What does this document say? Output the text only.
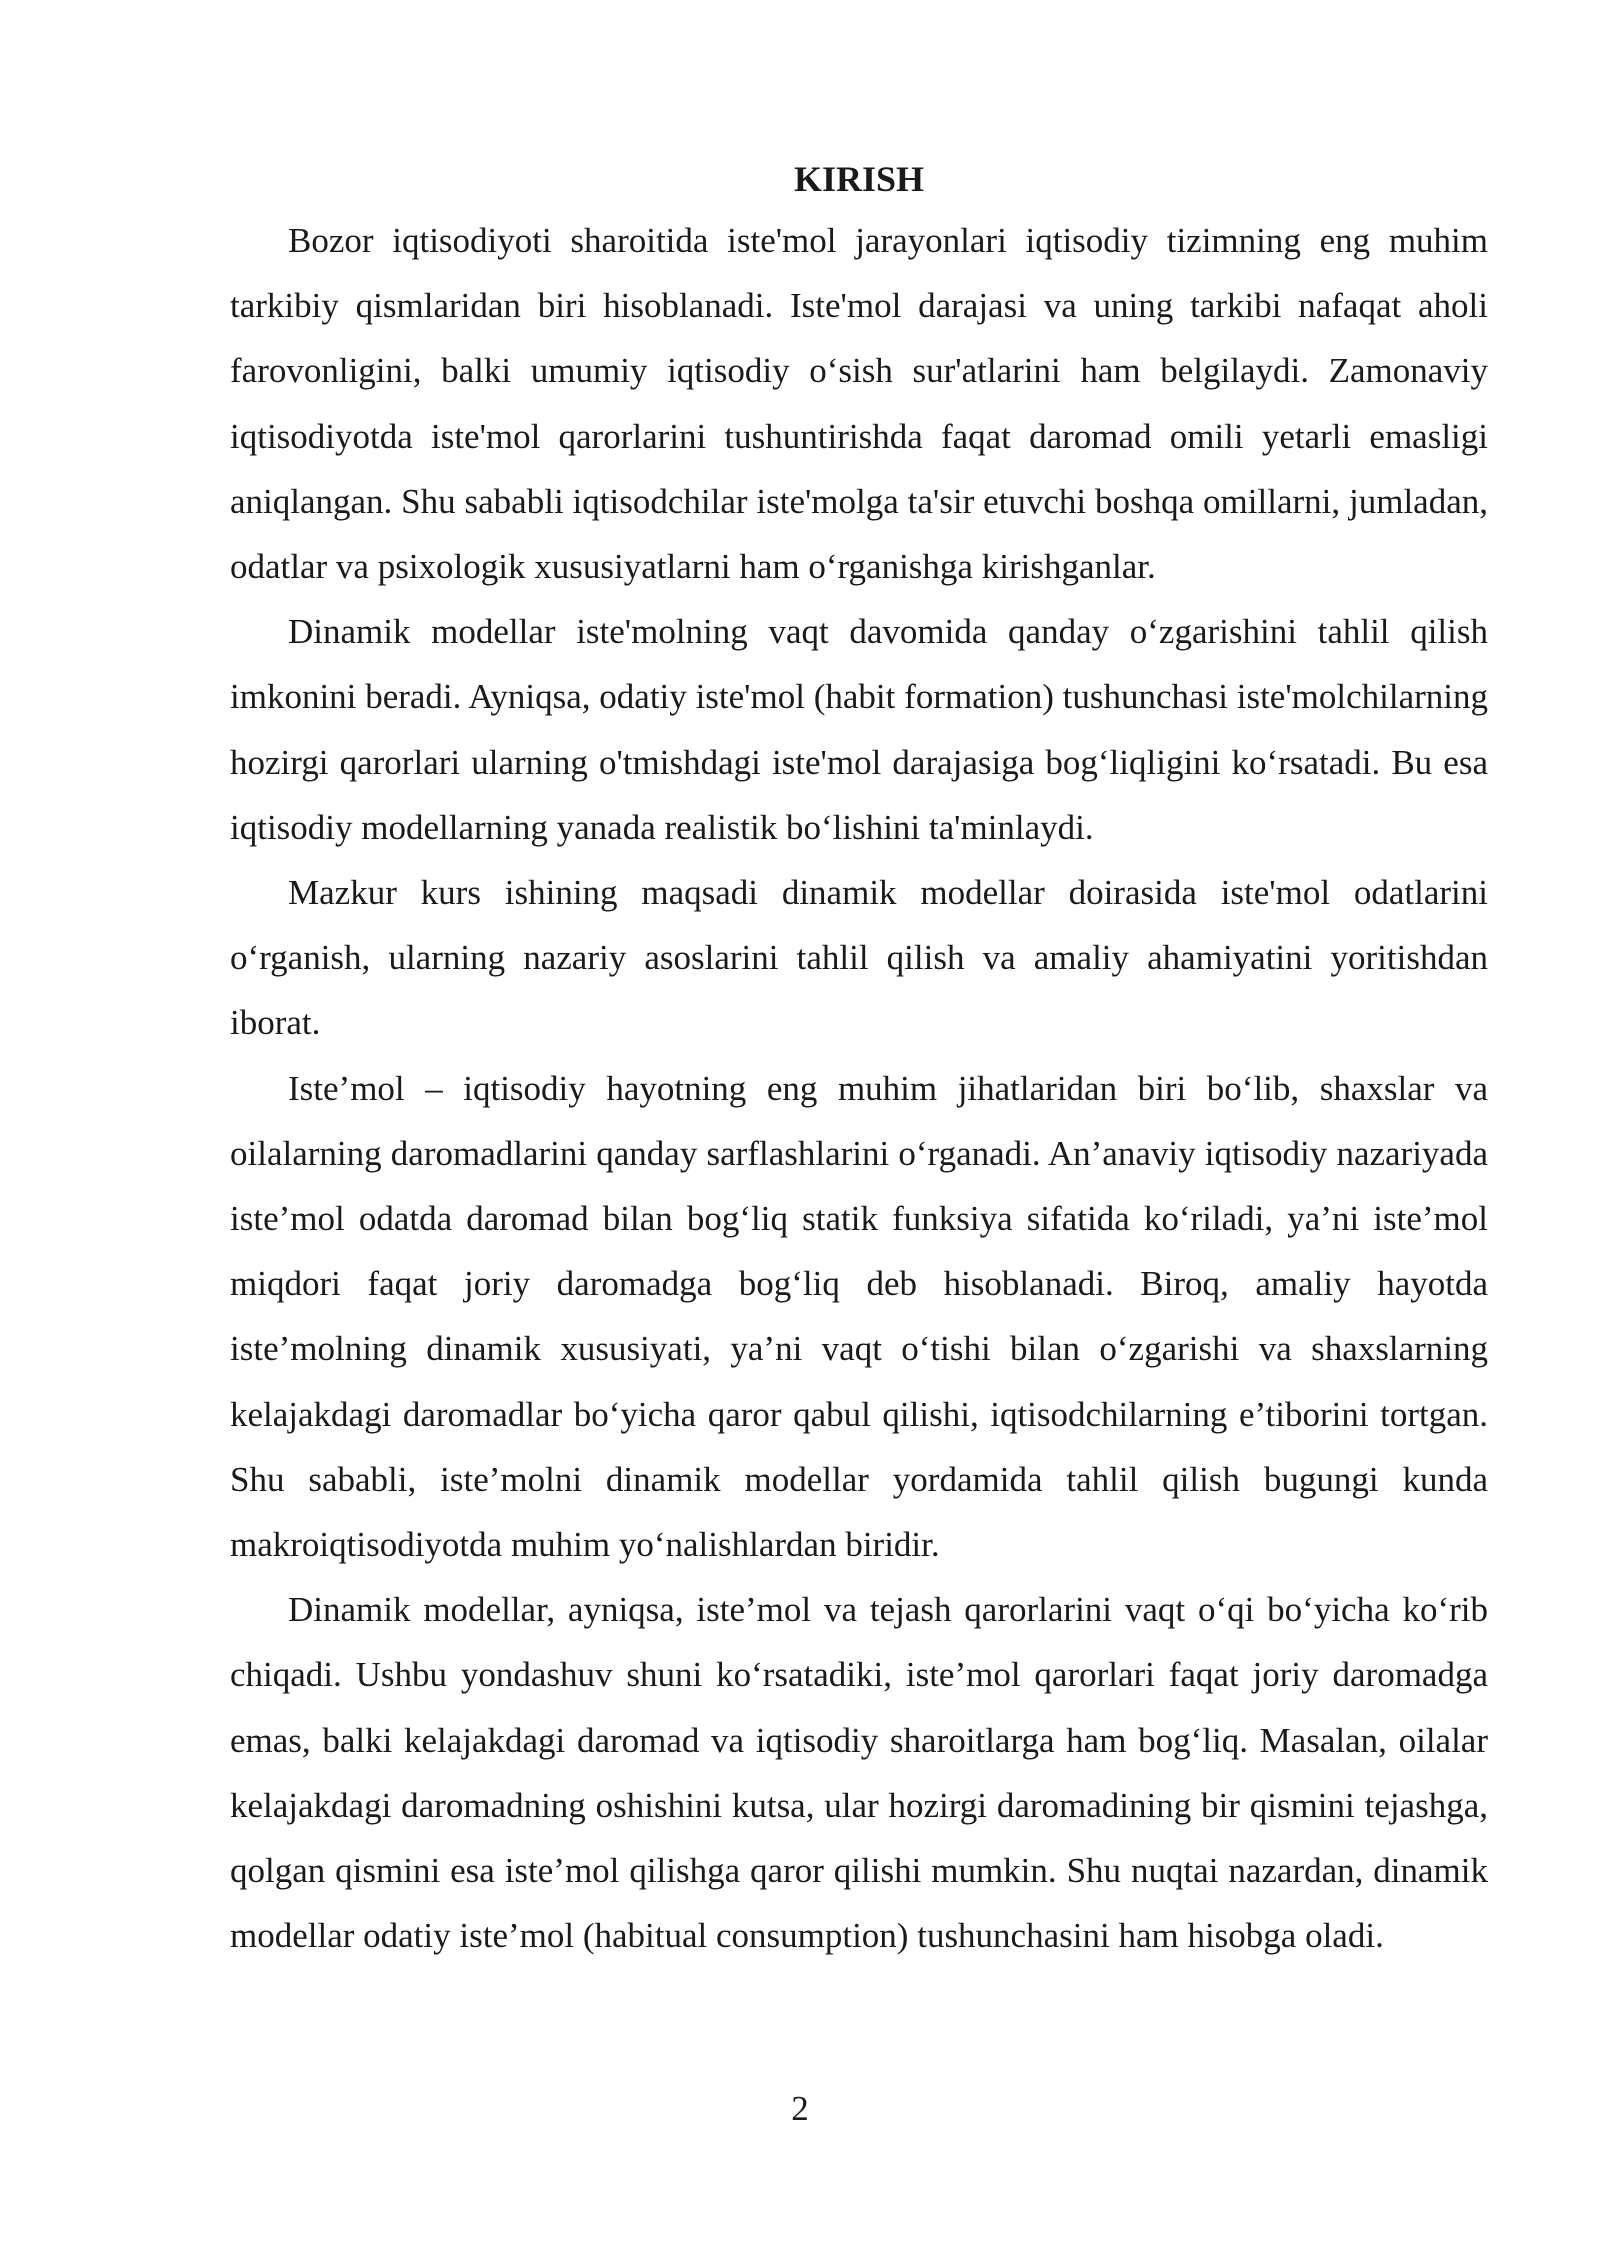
KIRISH

Bozor iqtisodiyoti sharoitida iste'mol jarayonlari iqtisodiy tizimning eng muhim tarkibiy qismlaridan biri hisoblanadi. Iste'mol darajasi va uning tarkibi nafaqat aholi farovonligini, balki umumiy iqtisodiy o‘sish sur'atlarini ham belgilaydi. Zamonaviy iqtisodiyotda iste'mol qarorlarini tushuntirishda faqat daromad omili yetarli emasligi aniqlangan. Shu sababli iqtisodchilar iste'molga ta'sir etuvchi boshqa omillarni, jumladan, odatlar va psixologik xususiyatlarni ham o‘rganishga kirishganlar.

Dinamik modellar iste'molning vaqt davomida qanday o‘zgarishini tahlil qilish imkonini beradi. Ayniqsa, odatiy iste'mol (habit formation) tushunchasi iste'molchilarning hozirgi qarorlari ularning o'tmishdagi iste'mol darajasiga bog‘liqligini ko‘rsatadi. Bu esa iqtisodiy modellarning yanada realistik bo‘lishini ta'minlaydi.

Mazkur kurs ishining maqsadi dinamik modellar doirasida iste'mol odatlarini o‘rganish, ularning nazariy asoslarini tahlil qilish va amaliy ahamiyatini yoritishdan iborat.

Iste’mol – iqtisodiy hayotning eng muhim jihatlaridan biri bo‘lib, shaxslar va oilalarning daromadlarini qanday sarflashlarini o‘rganadi. An’anaviy iqtisodiy nazariyada iste’mol odatda daromad bilan bog‘liq statik funksiya sifatida ko‘riladi, ya’ni iste’mol miqdori faqat joriy daromadga bog‘liq deb hisoblanadi. Biroq, amaliy hayotda iste’molning dinamik xususiyati, ya’ni vaqt o‘tishi bilan o‘zgarishi va shaxslarning kelajakdagi daromadlar bo‘yicha qaror qabul qilishi, iqtisodchilarning e’tiborini tortgan. Shu sababli, iste’molni dinamik modellar yordamida tahlil qilish bugungi kunda makroiqtisodiyotda muhim yo‘nalishlardan biridir.

Dinamik modellar, ayniqsa, iste’mol va tejash qarorlarini vaqt o‘qi bo‘yicha ko‘rib chiqadi. Ushbu yondashuv shuni ko‘rsatadiki, iste’mol qarorlari faqat joriy daromadga emas, balki kelajakdagi daromad va iqtisodiy sharoitlarga ham bog‘liq. Masalan, oilalar kelajakdagi daromadning oshishini kutsa, ular hozirgi daromadining bir qismini tejashga, qolgan qismini esa iste’mol qilishga qaror qilishi mumkin. Shu nuqtai nazardan, dinamik modellar odatiy iste’mol (habitual consumption) tushunchasini ham hisobga oladi.

2
